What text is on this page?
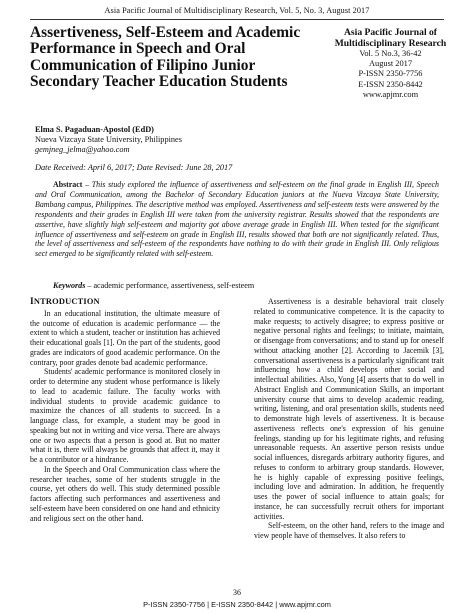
Asia Pacific Journal of Multidisciplinary Research, Vol. 5, No. 3, August 2017
Assertiveness, Self-Esteem and Academic Performance in Speech and Oral Communication of Filipino Junior Secondary Teacher Education Students
Asia Pacific Journal of Multidisciplinary Research
Vol. 5 No.3, 36-42
August 2017
P-ISSN 2350-7756
E-ISSN 2350-8442
www.apjmr.com
Elma S. Pagaduan-Apostol (EdD)
Nueva Vizcaya State University, Philippines
gemjneg_jelma@yahoo.com
Date Received: April 6, 2017; Date Revised: June 28, 2017
Abstract – This study explored the influence of assertiveness and self-esteem on the final grade in English III, Speech and Oral Communication, among the Bachelor of Secondary Education juniors at the Nueva Vizcaya State University, Bambang campus, Philippines. The descriptive method was employed. Assertiveness and self-esteem tests were answered by the respondents and their grades in English III were taken from the university registrar. Results showed that the respondents are assertive, have slightly high self-esteem and majority got above average grade in English III. When tested for the significant influence of assertiveness and self-esteem on grade in English III, results showed that both are not significantly related. Thus, the level of assertiveness and self-esteem of the respondents have nothing to do with their grade in English III. Only religious sect emerged to be significantly related with self-esteem.
Keywords – academic performance, assertiveness, self-esteem
INTRODUCTION

In an educational institution, the ultimate measure of the outcome of education is academic performance — the extent to which a student, teacher or institution has achieved their educational goals [1]. On the part of the students, good grades are indicators of good academic performance. On the contrary, poor grades denote bad academic performance.

Students' academic performance is monitored closely in order to determine any student whose performance is likely to lead to academic failure. The faculty works with individual students to provide academic guidance to maximize the chances of all students to succeed. In a language class, for example, a student may be good in speaking but not in writing and vice versa. There are always one or two aspects that a person is good at. But no matter what it is, there will always be grounds that affect it, may it be a contributor or a hindrance.

In the Speech and Oral Communication class where the researcher teaches, some of her students struggle in the course, yet others do well. This study determined possible factors affecting such performances and assertiveness and self-esteem have been considered on one hand and ethnicity and religious sect on the other hand.

Assertiveness is a desirable behavioral trait closely related to communicative competence. It is the capacity to make requests; to actively disagree; to express positive or negative personal rights and feelings; to initiate, maintain, or disengage from conversations; and to stand up for oneself without attacking another [2]. According to Jacemik [3], conversational assertiveness is a particularly significant trait influencing how a child develops other social and intellectual abilities. Also, Yong [4] asserts that to do well in Abstract English and Communication Skills, an important university course that aims to develop academic reading, writing, listening, and oral presentation skills, students need to demonstrate high levels of assertiveness. It is because assertiveness reflects one's expression of his genuine feelings, standing up for his legitimate rights, and refusing unreasonable requests. An assertive person resists undue social influences, disregards arbitrary authority figures, and refuses to conform to arbitrary group standards. However, he is highly capable of expressing positive feelings, including love and admiration. In addition, he frequently uses the power of social influence to attain goals; for instance, he can successfully recruit others for important activities.

Self-esteem, on the other hand, refers to the image and view people have of themselves. It also refers to

36
P-ISSN 2350-7756 | E-ISSN 2350-8442 | www.apjmr.com
